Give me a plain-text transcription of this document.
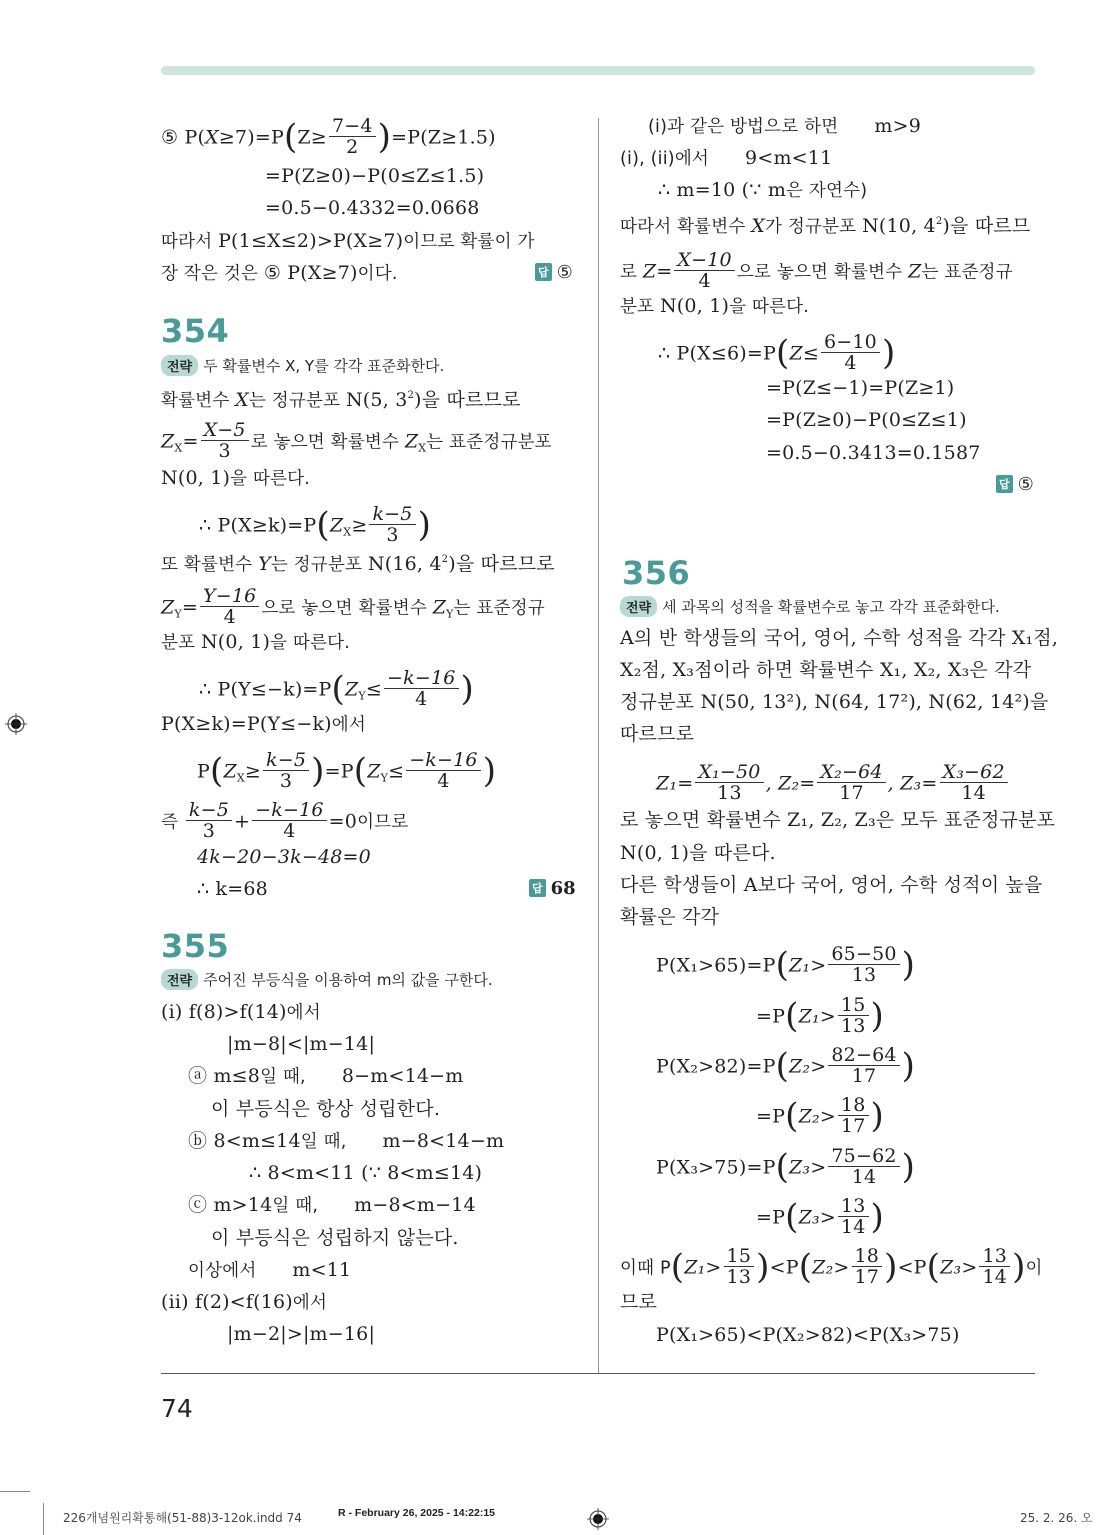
⑤ $P(X\ge 7)=P(Z\ge \frac{7-4}{2} )=P(Z\ge 1.5)$
=P(Z≥0)−P(0≤Z≤1.5)
=0.5−0.4332=0.0668
따라서 P(1≤X≤2)>P(X≥7)이므로 확률이 가
장 작은 것은 ⑤ P(X≥7)이다.	답 ⑤
354
전략 두 확률변수 X, Y를 각각 표준화한다.
확률변수 X는 정규분포 N(5, $3^2$)을 따르므로
$Z_X= \frac{X-5}{3}$ 로 놓으면 확률변수 $Z_X$는 표준정규분포
N(0, 1)을 따른다.
∴ $P(X\ge k)=P(Z_X\ge \frac{k-5}{3}$ )
또 확률변수 Y는 정규분포 N(16, $4^2$)을 따르므로
$Z_Y= \frac{Y-16}{4}$ 으로 놓으면 확률변수 $Z_Y$는 표준정규
분포 N(0, 1)을 따른다.
∴ $P(Y\le-k)=P(Z_Y\le \frac{-k-16}{4}$ )
P(X≥k)=P(Y≤−k)에서
$P(Z_X\ge \frac{k-5}{3} )=P(Z_Y\le \frac{-k-16}{4}$ )
즉 $\frac{k-5}{3} + \frac{-k-16}{4} =0$이므로
4k−20−3k−48=0
∴ k=68	답 68
355
전략 주어진 부등식을 이용하여 m의 값을 구한다.
(i) f(8)>f(14)에서
|m−8|<|m−14|
ⓐ m≤8일 때, 8−m<14−m
이 부등식은 항상 성립한다.
ⓑ 8<m≤14일 때, m−8<14−m
∴ 8<m<11 (∵ 8<m≤14)
ⓒ m>14일 때, m−8<m−14
이 부등식은 성립하지 않는다.
이상에서 m<11
(ii) f(2)<f(16)에서
|m−2|>|m−16|
(i)과 같은 방법으로 하면 m>9
(i), (ii)에서 9<m<11
∴ m=10 (∵ m은 자연수)
따라서 확률변수 X가 정규분포 N(10, $4^2$)을 따르므
로 $Z= \frac{X-10}{4}$ 으로 놓으면 확률변수 Z는 표준정규
분포 N(0, 1)을 따른다.
∴ $P(X\le 6)=P(Z\le \frac{6-10}{4}$ )
=P(Z≤−1)=P(Z≥1)
=P(Z≥0)−P(0≤Z≤1)
=0.5−0.3413=0.1587
답 ⑤
356
전략 세 과목의 성적을 확률변수로 놓고 각각 표준화한다.
A의 반 학생들의 국어, 영어, 수학 성적을 각각 X₁점,
X₂점, X₃점이라 하면 확률변수 X₁, X₂, X₃은 각각
정규분포 N(50, 13²), N(64, 17²), N(62, 14²)을
따르므로
$Z_1= \frac{\text{X₁−50}}{13}$ , $Z_2= \frac{\text{X₂−64}}{17}$ , $Z_3= \frac{\text{X₃−62}}{14}$
로 놓으면 확률변수 Z₁, Z₂, Z₃은 모두 표준정규분포
N(0, 1)을 따른다.
다른 학생들이 A보다 국어, 영어, 수학 성적이 높을
확률은 각각
$P(X_1>65)=P(Z_1> \frac{65-50}{13}$ )
$=P(Z_1> \frac{15}{13}$ )
$P(X_2>82)=P(Z_2> \frac{82-64}{17}$ )
$=P(Z_2> \frac{18}{17}$ )
$P(X_3>75)=P(Z_3> \frac{75-62}{14}$ )
$=P(Z_3> \frac{13}{14}$ )
이때 $P(Z_1> \frac{15}{13} )<P(Z_2> \frac{18}{17} )<P(Z_3> \frac{13}{14}$ )이
므로
P(X₁>65)<P(X₂>82)<P(X₃>75)
74
226개념원리확통해(51-88)3-12ok.indd 74	R - February 26, 2025 - 14:22:15	25. 2. 26. 오
